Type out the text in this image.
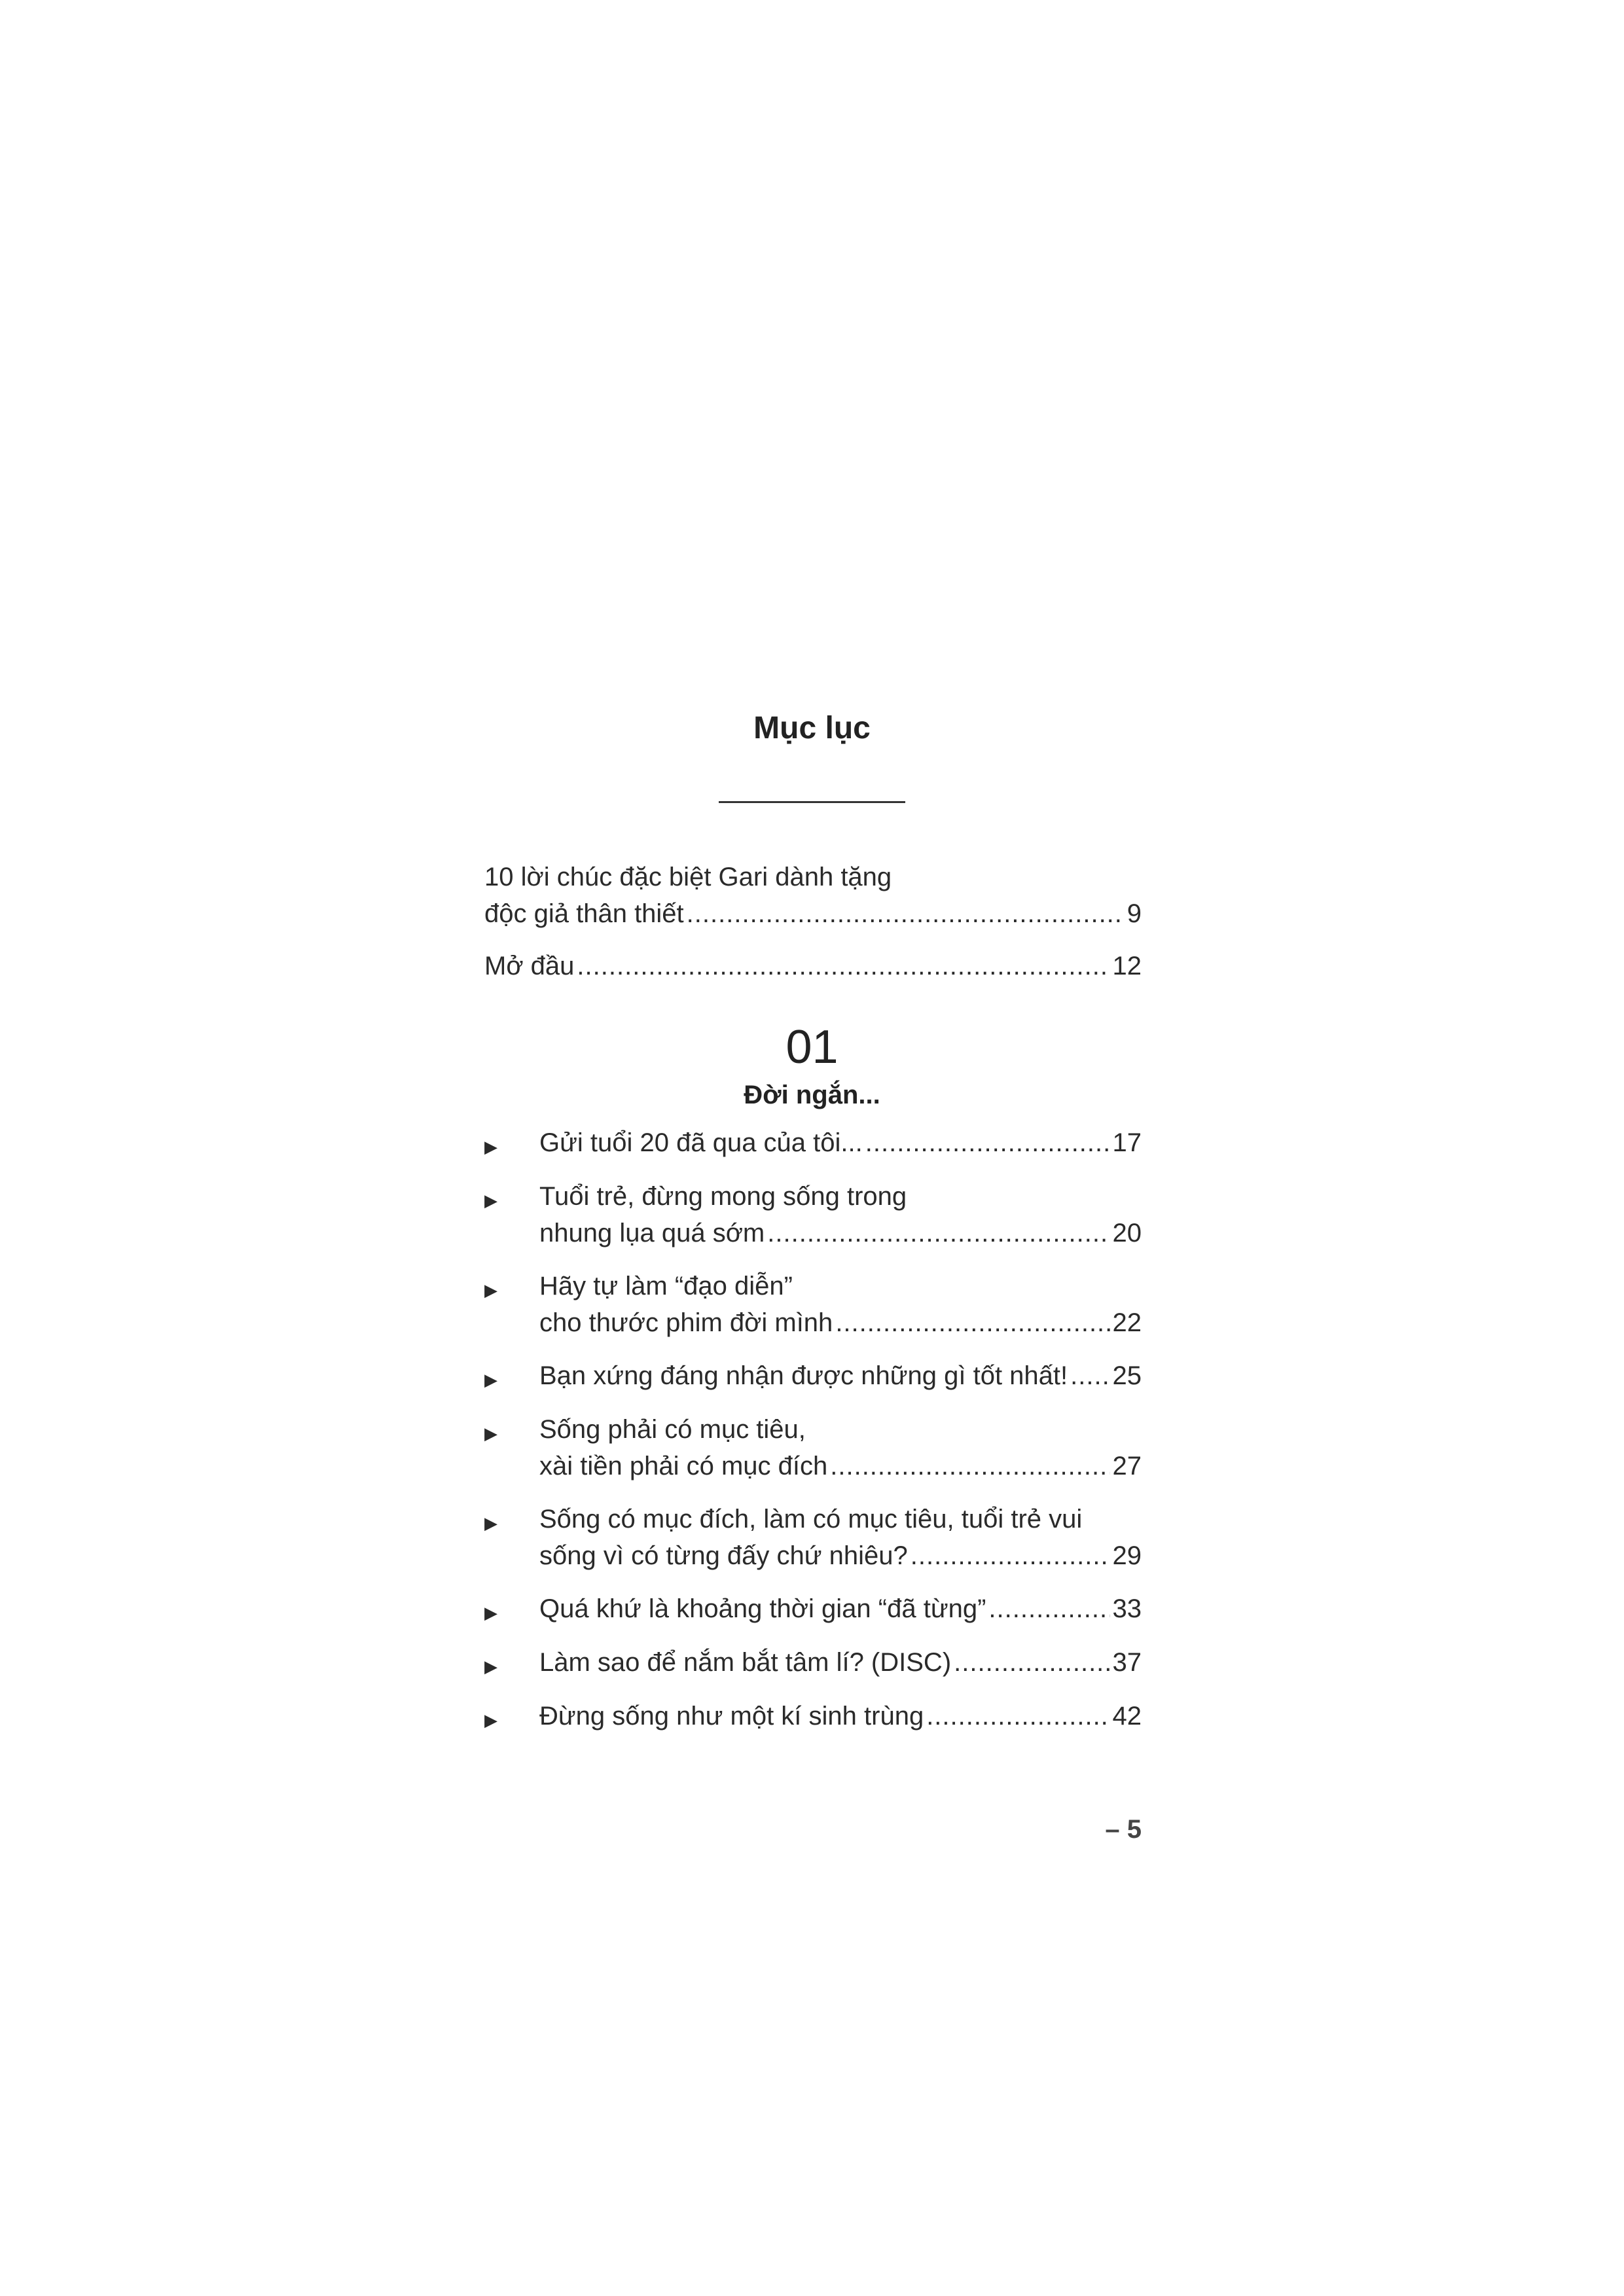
Mục lục
10 lời chúc đặc biệt Gari dành tặng
độc giả thân thiết .....	9
Mở đầu .....	12
01
Đời ngắn...
▶ Gửi tuổi 20 đã qua của tôi... .....	17
▶ Tuổi trẻ, đừng mong sống trong
nhung lụa quá sớm .....	20
▶ Hãy tự làm “đạo diễn”
cho thước phim đời mình .....	22
▶ Bạn xứng đáng nhận được những gì tốt nhất! ..... 25
▶ Sống phải có mục tiêu,
xài tiền phải có mục đích .....	27
▶ Sống có mục đích, làm có mục tiêu, tuổi trẻ vui
sống vì có từng đấy chứ nhiêu? .....	29
▶ Quá khứ là khoảng thời gian “đã từng” .....	33
▶ Làm sao để nắm bắt tâm lí? (DISC) .....	37
▶ Đừng sống như một kí sinh trùng .....	42
– 5
